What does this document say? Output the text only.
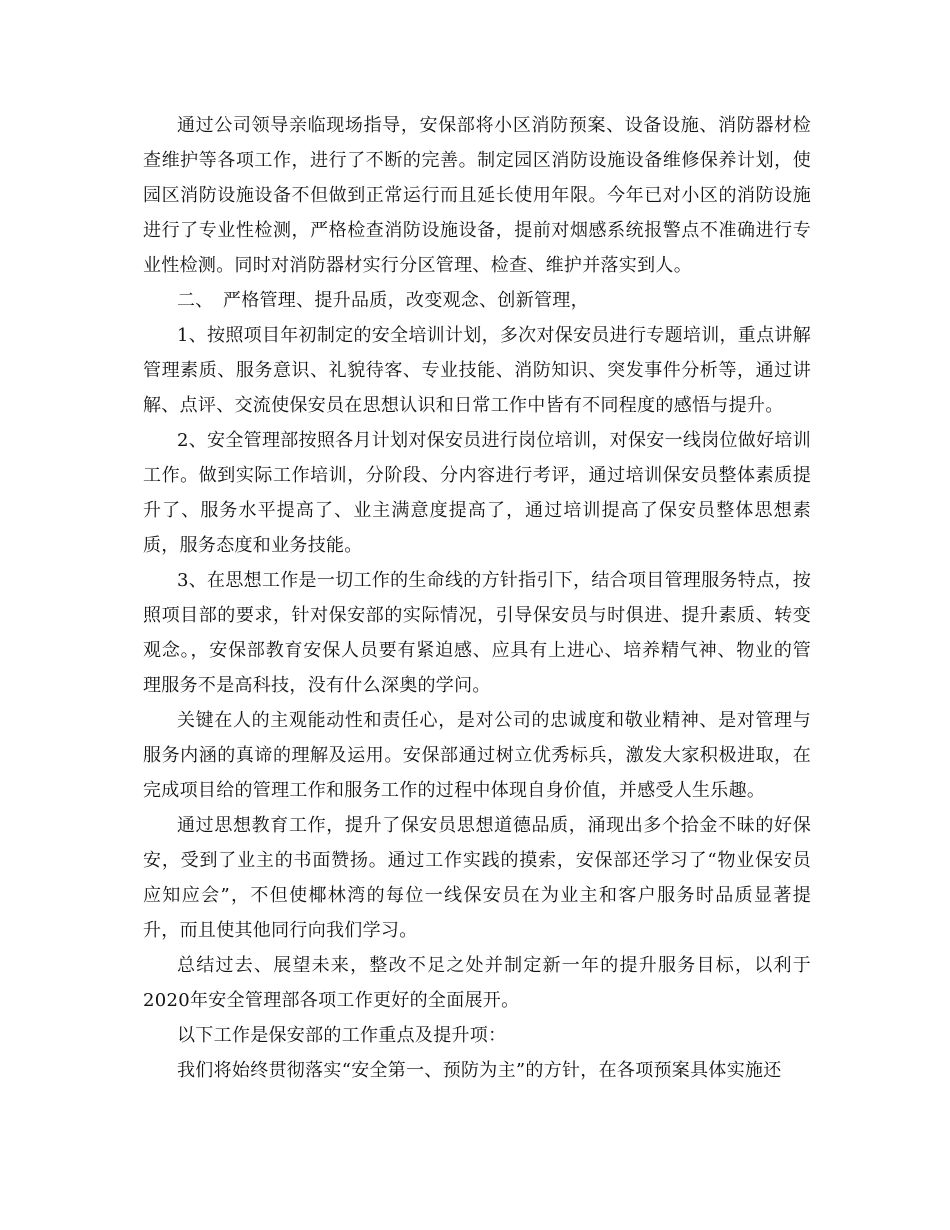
通过公司领导亲临现场指导，安保部将小区消防预案、设备设施、消防器材检查维护等各项工作，进行了不断的完善。制定园区消防设施设备维修保养计划，使园区消防设施设备不但做到正常运行而且延长使用年限。今年已对小区的消防设施进行了专业性检测，严格检查消防设施设备，提前对烟感系统报警点不准确进行专业性检测。同时对消防器材实行分区管理、检查、维护并落实到人。

二、　严格管理、提升品质，改变观念、创新管理，

1、按照项目年初制定的安全培训计划，多次对保安员进行专题培训，重点讲解管理素质、服务意识、礼貌待客、专业技能、消防知识、突发事件分析等，通过讲解、点评、交流使保安员在思想认识和日常工作中皆有不同程度的感悟与提升。

2、安全管理部按照各月计划对保安员进行岗位培训，对保安一线岗位做好培训工作。做到实际工作培训，分阶段、分内容进行考评，通过培训保安员整体素质提升了、服务水平提高了、业主满意度提高了，通过培训提高了保安员整体思想素质，服务态度和业务技能。

3、在思想工作是一切工作的生命线的方针指引下，结合项目管理服务特点，按照项目部的要求，针对保安部的实际情况，引导保安员与时俱进、提升素质、转变观念。，安保部教育安保人员要有紧迫感、应具有上进心、培养精气神、物业的管理服务不是高科技，没有什么深奥的学问。

关键在人的主观能动性和责任心，是对公司的忠诚度和敬业精神、是对管理与服务内涵的真谛的理解及运用。安保部通过树立优秀标兵，激发大家积极进取，在完成项目给的管理工作和服务工作的过程中体现自身价值，并感受人生乐趣。

通过思想教育工作，提升了保安员思想道德品质，涌现出多个拾金不昧的好保安，受到了业主的书面赞扬。通过工作实践的摸索，安保部还学习了“物业保安员应知应会”，不但使椰林湾的每位一线保安员在为业主和客户服务时品质显著提升，而且使其他同行向我们学习。

总结过去、展望未来，整改不足之处并制定新一年的提升服务目标，以利于2020年安全管理部各项工作更好的全面展开。

以下工作是保安部的工作重点及提升项：

我们将始终贯彻落实“安全第一、预防为主”的方针，在各项预案具体实施还
